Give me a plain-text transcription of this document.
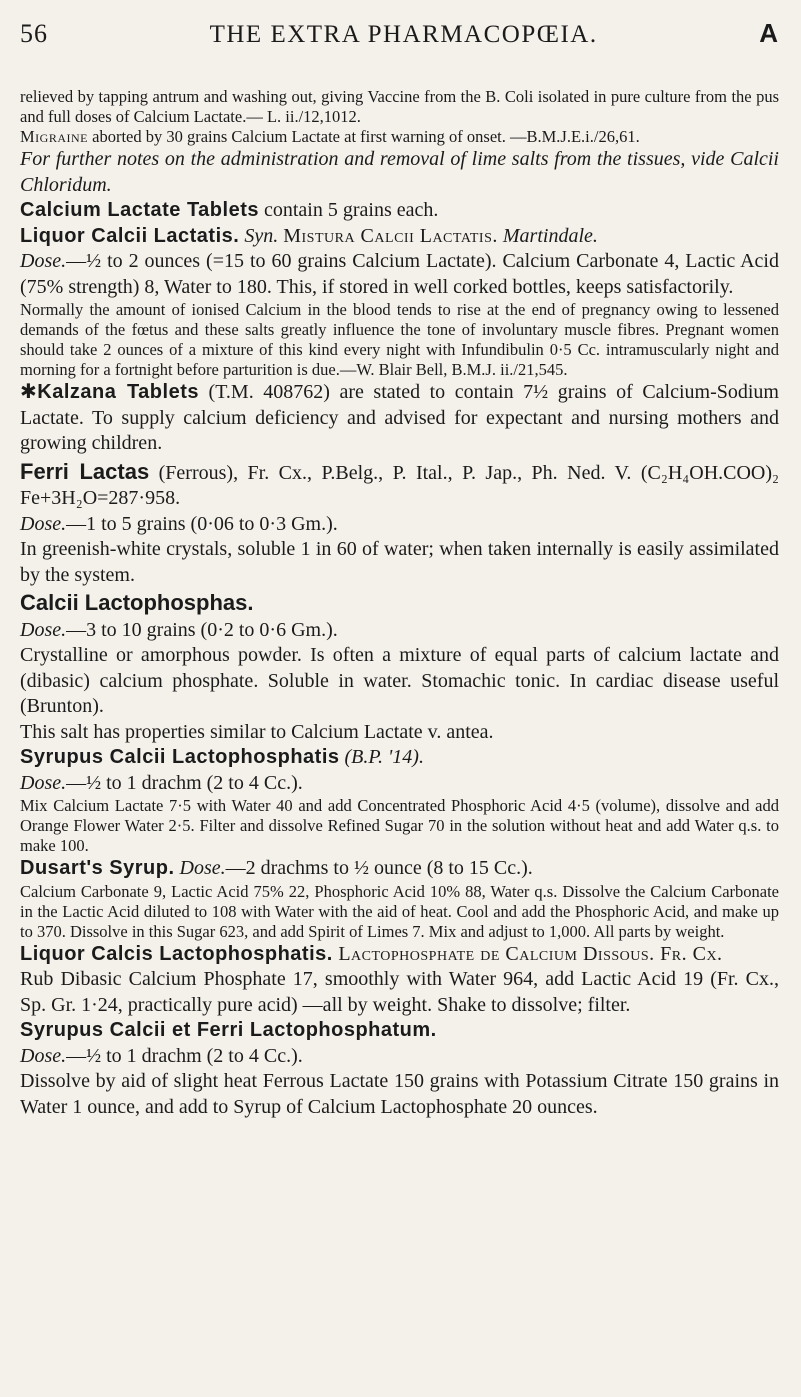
56	THE EXTRA PHARMACOPŒIA.	A

relieved by tapping antrum and washing out, giving Vaccine from the B. Coli isolated in pure culture from the pus and full doses of Calcium Lactate.— L. ii./12,1012.

Migraine aborted by 30 grains Calcium Lactate at first warning of onset. —B.M.J.E.i./26,61.

For further notes on the administration and removal of lime salts from the tissues, vide Calcii Chloridum.

Calcium Lactate Tablets contain 5 grains each.

Liquor Calcii Lactatis. Syn. Mistura Calcii Lactatis. Martindale.

Dose.—½ to 2 ounces (=15 to 60 grains Calcium Lactate). Calcium Carbonate 4, Lactic Acid (75% strength) 8, Water to 180. This, if stored in well corked bottles, keeps satisfactorily.

Normally the amount of ionised Calcium in the blood tends to rise at the end of pregnancy owing to lessened demands of the fœtus and these salts greatly influence the tone of involuntary muscle fibres. Pregnant women should take 2 ounces of a mixture of this kind every night with Infundibulin 0·5 Cc. intramuscularly night and morning for a fortnight before parturition is due.—W. Blair Bell, B.M.J. ii./21,545.

✱Kalzana Tablets (T.M. 408762) are stated to contain 7½ grains of Calcium-Sodium Lactate. To supply calcium deficiency and advised for expectant and nursing mothers and growing children.

Ferri Lactas (Ferrous), Fr. Cx., P.Belg., P. Ital., P. Jap., Ph. Ned. V. (C₂H₄OH.COO)₂ Fe+3H₂O=287·958.

Dose.—1 to 5 grains (0·06 to 0·3 Gm.).

In greenish-white crystals, soluble 1 in 60 of water; when taken internally is easily assimilated by the system.

Calcii Lactophosphas.

Dose.—3 to 10 grains (0·2 to 0·6 Gm.).

Crystalline or amorphous powder. Is often a mixture of equal parts of calcium lactate and (dibasic) calcium phosphate. Soluble in water. Stomachic tonic. In cardiac disease useful (Brunton).

This salt has properties similar to Calcium Lactate v. antea.

Syrupus Calcii Lactophosphatis (B.P. '14).

Dose.—½ to 1 drachm (2 to 4 Cc.).

Mix Calcium Lactate 7·5 with Water 40 and add Concentrated Phosphoric Acid 4·5 (volume), dissolve and add Orange Flower Water 2·5. Filter and dissolve Refined Sugar 70 in the solution without heat and add Water q.s. to make 100.

Dusart's Syrup. Dose.—2 drachms to ½ ounce (8 to 15 Cc.).

Calcium Carbonate 9, Lactic Acid 75% 22, Phosphoric Acid 10% 88, Water q.s. Dissolve the Calcium Carbonate in the Lactic Acid diluted to 108 with Water with the aid of heat. Cool and add the Phosphoric Acid, and make up to 370. Dissolve in this Sugar 623, and add Spirit of Limes 7. Mix and adjust to 1,000. All parts by weight.

Liquor Calcis Lactophosphatis. Lactophosphate de Calcium Dissous. Fr. Cx.

Rub Dibasic Calcium Phosphate 17, smoothly with Water 964, add Lactic Acid 19 (Fr. Cx., Sp. Gr. 1·24, practically pure acid) —all by weight. Shake to dissolve; filter.

Syrupus Calcii et Ferri Lactophosphatum.

Dose.—½ to 1 drachm (2 to 4 Cc.).

Dissolve by aid of slight heat Ferrous Lactate 150 grains with Potassium Citrate 150 grains in Water 1 ounce, and add to Syrup of Calcium Lactophosphate 20 ounces.
